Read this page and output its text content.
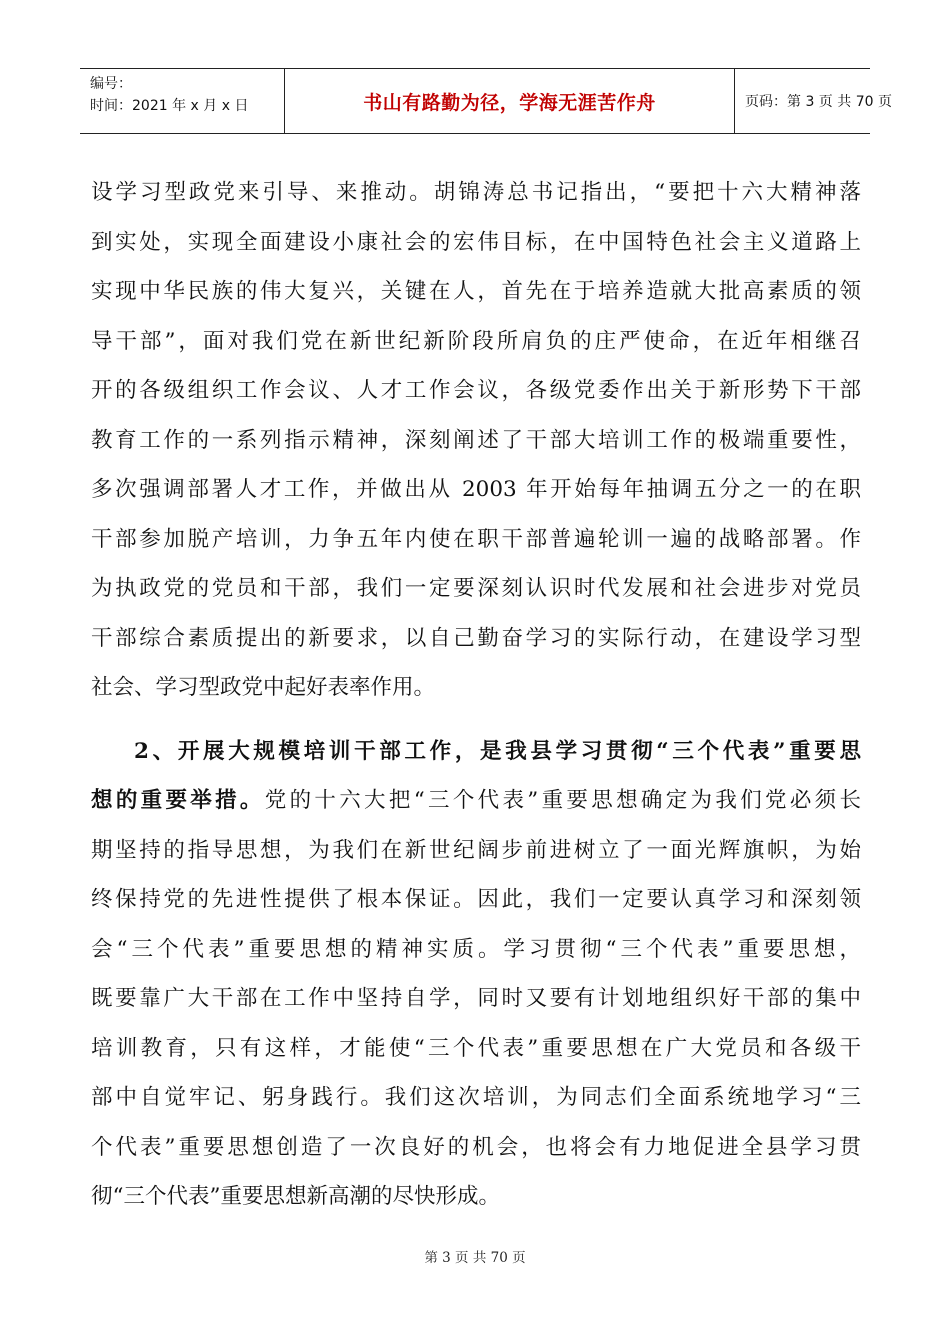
编号：
时间：2021 年 x 月 x 日	书山有路勤为径，学海无涯苦作舟	页码：第 3 页 共 70 页
设学习型政党来引导、来推动。胡锦涛总书记指出，“要把十六大精神落
到实处，实现全面建设小康社会的宏伟目标，在中国特色社会主义道路上
实现中华民族的伟大复兴，关键在人，首先在于培养造就大批高素质的领
导干部”，面对我们党在新世纪新阶段所肩负的庄严使命，在近年相继召
开的各级组织工作会议、人才工作会议，各级党委作出关于新形势下干部
教育工作的一系列指示精神，深刻阐述了干部大培训工作的极端重要性，
多次强调部署人才工作，并做出从 2003 年开始每年抽调五分之一的在职
干部参加脱产培训，力争五年内使在职干部普遍轮训一遍的战略部署。作
为执政党的党员和干部，我们一定要深刻认识时代发展和社会进步对党员
干部综合素质提出的新要求，以自己勤奋学习的实际行动，在建设学习型
社会、学习型政党中起好表率作用。
2、开展大规模培训干部工作，是我县学习贯彻“三个代表”重要思
想的重要举措。党的十六大把“三个代表”重要思想确定为我们党必须长
期坚持的指导思想，为我们在新世纪阔步前进树立了一面光辉旗帜，为始
终保持党的先进性提供了根本保证。因此，我们一定要认真学习和深刻领
会“三个代表”重要思想的精神实质。学习贯彻“三个代表”重要思想，
既要靠广大干部在工作中坚持自学，同时又要有计划地组织好干部的集中
培训教育，只有这样，才能使“三个代表”重要思想在广大党员和各级干
部中自觉牢记、躬身践行。我们这次培训，为同志们全面系统地学习“三
个代表”重要思想创造了一次良好的机会，也将会有力地促进全县学习贯
彻“三个代表”重要思想新高潮的尽快形成。
第 3 页 共 70 页
